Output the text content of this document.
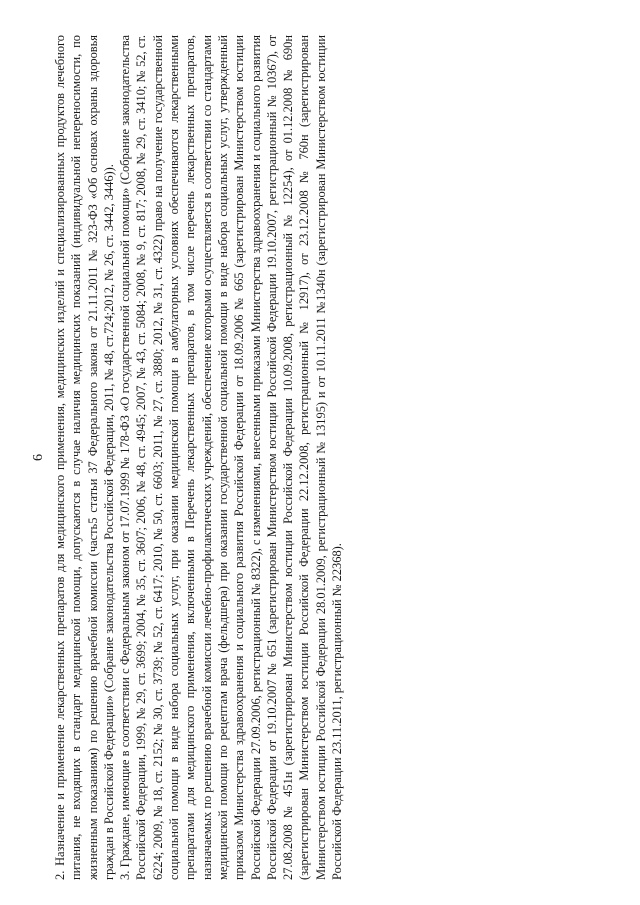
6 2. Назначение и применение лекарственных препаратов для медицинского применения, медицинских изделий и специализированных продуктов лечебного питания, не входящих в стандарт медицинской помощи, допускаются в случае наличия медицинских показаний (индивидуальной непереносимости, по жизненным показаниям) по решению врачебной комиссии (часть5 статьи 37 Федерального закона от 21.11.2011 № 323-ФЗ «Об основах охраны здоровья граждан в Российской Федерации» (Собрание законодательства Российской Федерации, 2011, № 48, ст.724;2012, № 26, ст. 3442, 3446)). 3. Граждане, имеющие в соответствии с Федеральным законом от 17.07.1999 № 178-ФЗ «О государственной социальной помощи» (Собрание законодательства Российской Федерации, 1999, № 29, ст. 3699; 2004, № 35, ст. 3607; 2006, № 48, ст. 4945; 2007, № 43, ст. 5084; 2008, № 9, ст. 817; 2008, № 29, ст. 3410; № 52, ст. 6224; 2009, № 18, ст. 2152; № 30, ст. 3739; № 52, ст. 6417; 2010, № 50, ст. 6603; 2011, № 27, ст. 3880; 2012, № 31, ст. 4322) право на получение государственной социальной помощи в виде набора социальных услуг, при оказании медицинской помощи в амбулаторных условиях обеспечиваются лекарственными препаратами для медицинского применения, включенными в Перечень лекарственных препаратов, в том числе перечень лекарственных препаратов, назначаемых по решению врачебной комиссии лечебно-профилактических учреждений, обеспечение которыми осуществляется в соответствии со стандартами медицинской помощи по рецептам врача (фельдшера) при оказании государственной социальной помощи в виде набора социальных услуг, утвержденный приказом Министерства здравоохранения и социального развития Российской Федерации от 18.09.2006 № 665 (зарегистрирован Министерством юстиции Российской Федерации 27.09.2006, регистрационный № 8322), с изменениями, внесенными приказами Министерства здравоохранения и социального развития Российской Федерации от 19.10.2007 № 651 (зарегистрирован Министерством юстиции Российской Федерации 19.10.2007, регистрационный № 10367), от 27.08.2008 № 451н (зарегистрирован Министерством юстиции Российской Федерации 10.09.2008, регистрационный № 12254), от 01.12.2008 № 690н (зарегистрирован Министерством юстиции Российской Федерации 22.12.2008, регистрационный № 12917), от 23.12.2008 № 760н (зарегистрирован Министерством юстиции Российской Федерации 28.01.2009, регистрационный № 13195) и от 10.11.2011 №1340н (зарегистрирован Министерством юстиции Российской Федерации 23.11.2011, регистрационный № 22368).
